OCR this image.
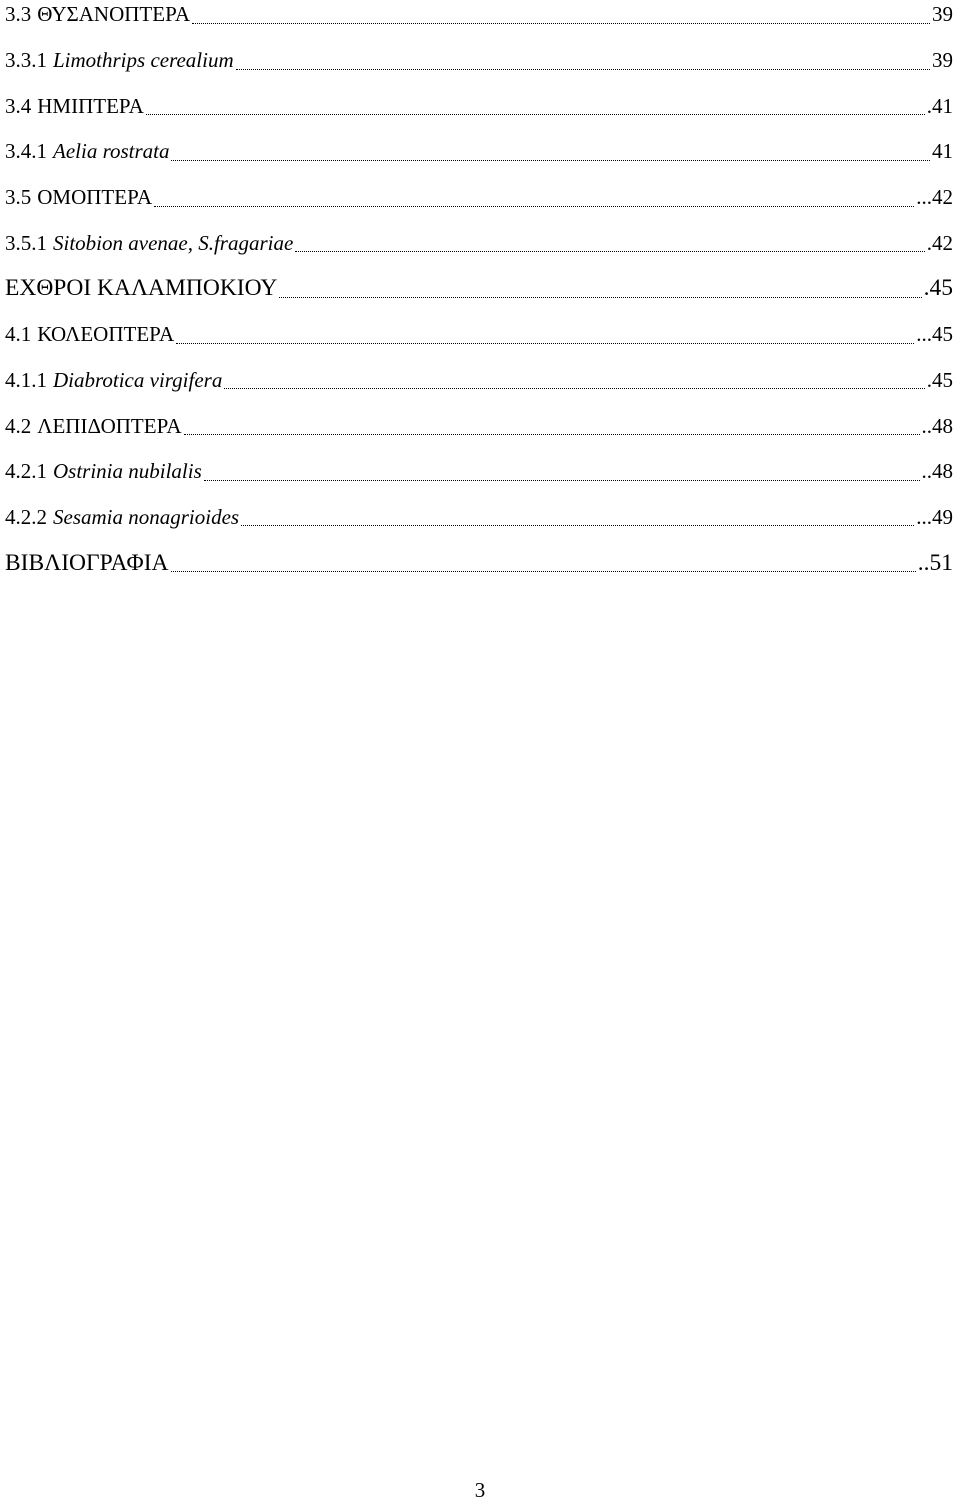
3.3 ΘΥΣΑΝΟΠΤΕΡΑ	39
3.3.1 Limothrips cerealium	39
3.4 ΗΜΙΠΤΕΡΑ	.41
3.4.1 Aelia rostrata	41
3.5 ΟΜΟΠΤΕΡΑ	...42
3.5.1 Sitobion avenae, S.fragariae	.42
ΕΧΘΡΟΙ ΚΑΛΑΜΠΟΚΙΟΥ	.45
4.1 ΚΟΛΕΟΠΤΕΡΑ	...45
4.1.1 Diabrotica virgifera	.45
4.2 ΛΕΠΙΔΟΠΤΕΡΑ	..48
4.2.1 Ostrinia nubilalis	..48
4.2.2 Sesamia nonagrioides	...49
ΒΙΒΛΙΟΓΡΑΦΙΑ	..51
3
